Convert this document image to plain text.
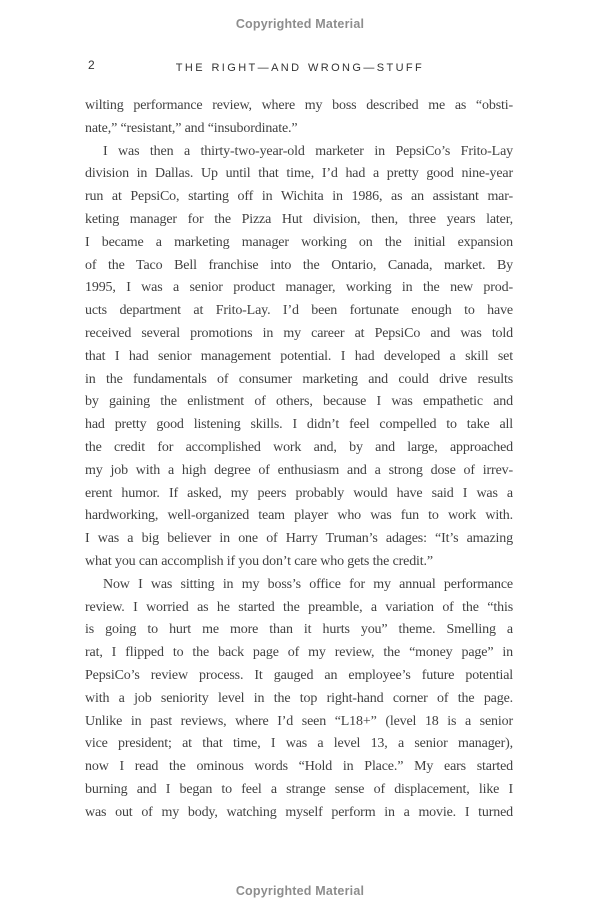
Copyrighted Material
2	THE RIGHT—AND WRONG—STUFF
wilting performance review, where my boss described me as “obsti-
nate,” “resistant,” and “insubordinate.”
I was then a thirty-two-year-old marketer in PepsiCo’s Frito-Lay
division in Dallas. Up until that time, I’d had a pretty good nine-year
run at PepsiCo, starting off in Wichita in 1986, as an assistant mar-
keting manager for the Pizza Hut division, then, three years later,
I became a marketing manager working on the initial expansion
of the Taco Bell franchise into the Ontario, Canada, market. By
1995, I was a senior product manager, working in the new prod-
ucts department at Frito-Lay. I’d been fortunate enough to have
received several promotions in my career at PepsiCo and was told
that I had senior management potential. I had developed a skill set
in the fundamentals of consumer marketing and could drive results
by gaining the enlistment of others, because I was empathetic and
had pretty good listening skills. I didn’t feel compelled to take all
the credit for accomplished work and, by and large, approached
my job with a high degree of enthusiasm and a strong dose of irrev-
erent humor. If asked, my peers probably would have said I was a
hardworking, well-organized team player who was fun to work with.
I was a big believer in one of Harry Truman’s adages: “It’s amazing
what you can accomplish if you don’t care who gets the credit.”
Now I was sitting in my boss’s office for my annual performance
review. I worried as he started the preamble, a variation of the “this
is going to hurt me more than it hurts you” theme. Smelling a
rat, I flipped to the back page of my review, the “money page” in
PepsiCo’s review process. It gauged an employee’s future potential
with a job seniority level in the top right-hand corner of the page.
Unlike in past reviews, where I’d seen “L18+” (level 18 is a senior
vice president; at that time, I was a level 13, a senior manager),
now I read the ominous words “Hold in Place.” My ears started
burning and I began to feel a strange sense of displacement, like I
was out of my body, watching myself perform in a movie. I turned
Copyrighted Material
